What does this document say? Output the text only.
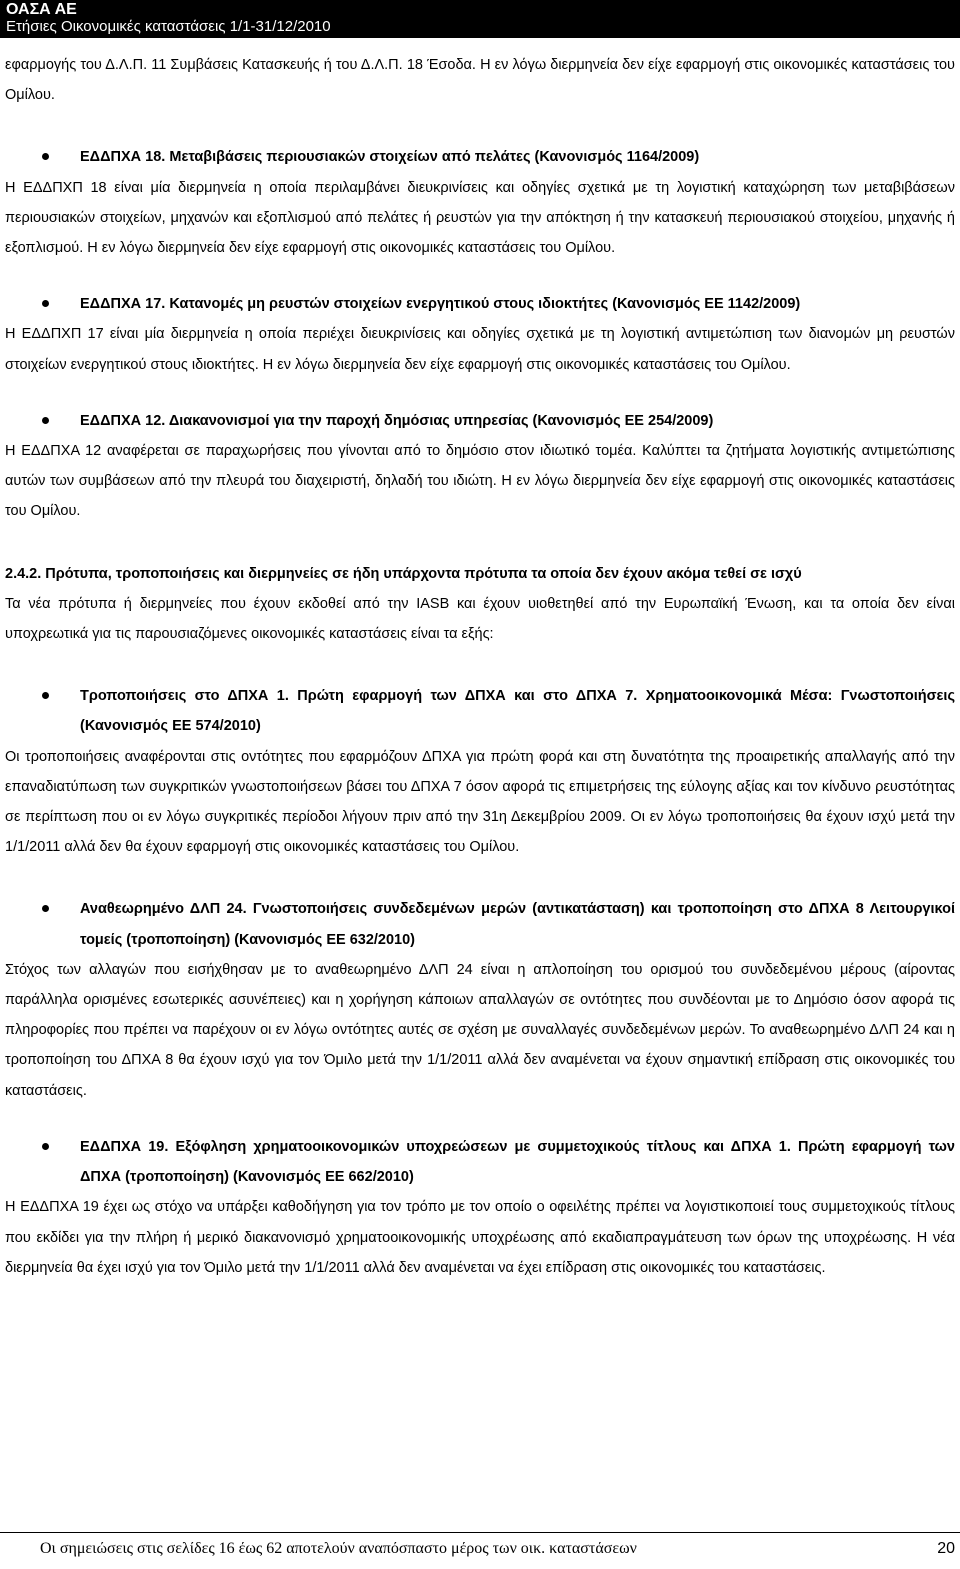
ΟΑΣΑ ΑΕ
Ετήσιες Οικονομικές καταστάσεις 1/1-31/12/2010

εφαρμογής του Δ.Λ.Π. 11 Συμβάσεις Κατασκευής ή του Δ.Λ.Π. 18 Έσοδα. Η εν λόγω διερμηνεία δεν είχε εφαρμογή στις οικονομικές καταστάσεις του Ομίλου.

ΕΔΔΠΧΑ 18. Μεταβιβάσεις περιουσιακών στοιχείων από πελάτες (Κανονισμός 1164/2009)

Η ΕΔΔΠΧΠ 18 είναι μία διερμηνεία η οποία περιλαμβάνει διευκρινίσεις και οδηγίες σχετικά με τη λογιστική καταχώρηση των μεταβιβάσεων περιουσιακών στοιχείων, μηχανών και εξοπλισμού από πελάτες ή ρευστών για την απόκτηση ή την κατασκευή περιουσιακού στοιχείου, μηχανής ή εξοπλισμού. Η εν λόγω διερμηνεία δεν είχε εφαρμογή στις οικονομικές καταστάσεις του Ομίλου.

ΕΔΔΠΧΑ 17. Κατανομές μη ρευστών στοιχείων ενεργητικού στους ιδιοκτήτες (Κανονισμός ΕΕ 1142/2009)

Η ΕΔΔΠΧΠ 17 είναι μία διερμηνεία η οποία περιέχει διευκρινίσεις και οδηγίες σχετικά με τη λογιστική αντιμετώπιση των διανομών μη ρευστών στοιχείων ενεργητικού στους ιδιοκτήτες. Η εν λόγω διερμηνεία δεν είχε εφαρμογή στις οικονομικές καταστάσεις του Ομίλου.

ΕΔΔΠΧΑ 12. Διακανονισμοί για την παροχή δημόσιας υπηρεσίας (Κανονισμός ΕΕ 254/2009)

Η ΕΔΔΠΧΑ 12 αναφέρεται σε παραχωρήσεις που γίνονται από το δημόσιο στον ιδιωτικό τομέα. Καλύπτει τα ζητήματα λογιστικής αντιμετώπισης αυτών των συμβάσεων από την πλευρά του διαχειριστή, δηλαδή του ιδιώτη. Η εν λόγω διερμηνεία δεν είχε εφαρμογή στις οικονομικές καταστάσεις του Ομίλου.

2.4.2. Πρότυπα, τροποποιήσεις και διερμηνείες σε ήδη υπάρχοντα πρότυπα τα οποία δεν έχουν ακόμα τεθεί σε ισχύ

Τα νέα πρότυπα ή διερμηνείες που έχουν εκδοθεί από την IASB και έχουν υιοθετηθεί από την Ευρωπαϊκή Ένωση, και τα οποία δεν είναι υποχρεωτικά για τις παρουσιαζόμενες οικονομικές καταστάσεις είναι τα εξής:

Τροποποιήσεις στο ΔΠΧΑ 1. Πρώτη εφαρμογή των ΔΠΧΑ και στο ΔΠΧΑ 7. Χρηματοοικονομικά Μέσα: Γνωστοποιήσεις (Κανονισμός ΕΕ 574/2010)

Οι τροποποιήσεις αναφέρονται στις οντότητες που εφαρμόζουν ΔΠΧΑ για πρώτη φορά και στη δυνατότητα της προαιρετικής απαλλαγής από την επαναδιατύπωση των συγκριτικών γνωστοποιήσεων βάσει του ΔΠΧΑ 7 όσον αφορά τις επιμετρήσεις της εύλογης αξίας και τον κίνδυνο ρευστότητας σε περίπτωση που οι εν λόγω συγκριτικές περίοδοι λήγουν πριν από την 31η Δεκεμβρίου 2009. Οι εν λόγω τροποποιήσεις θα έχουν ισχύ μετά την 1/1/2011 αλλά δεν θα έχουν εφαρμογή στις οικονομικές καταστάσεις του Ομίλου.

Αναθεωρημένο ΔΛΠ 24. Γνωστοποιήσεις συνδεδεμένων μερών (αντικατάσταση) και τροποποίηση στο ΔΠΧΑ 8 Λειτουργικοί τομείς (τροποποίηση) (Κανονισμός ΕΕ 632/2010)

Στόχος των αλλαγών που εισήχθησαν με το αναθεωρημένο ΔΛΠ 24 είναι η απλοποίηση του ορισμού του συνδεδεμένου μέρους (αίροντας παράλληλα ορισμένες εσωτερικές ασυνέπειες) και η χορήγηση κάποιων απαλλαγών σε οντότητες που συνδέονται με το Δημόσιο όσον αφορά τις πληροφορίες που πρέπει να παρέχουν οι εν λόγω οντότητες αυτές σε σχέση με συναλλαγές συνδεδεμένων μερών. Το αναθεωρημένο ΔΛΠ 24 και η τροποποίηση του ΔΠΧΑ 8 θα έχουν ισχύ για τον Όμιλο μετά την 1/1/2011 αλλά δεν αναμένεται να έχουν σημαντική επίδραση στις οικονομικές του καταστάσεις.

ΕΔΔΠΧΑ 19. Εξόφληση χρηματοοικονομικών υποχρεώσεων με συμμετοχικούς τίτλους και ΔΠΧΑ 1. Πρώτη εφαρμογή των ΔΠΧΑ (τροποποίηση) (Κανονισμός ΕΕ 662/2010)

Η ΕΔΔΠΧΑ 19 έχει ως στόχο να υπάρξει καθοδήγηση για τον τρόπο με τον οποίο ο οφειλέτης πρέπει να λογιστικοποιεί τους συμμετοχικούς τίτλους που εκδίδει για την πλήρη ή μερικό διακανονισμό χρηματοοικονομικής υποχρέωσης από εκαδιαπραγμάτευση των όρων της υποχρέωσης. Η νέα διερμηνεία θα έχει ισχύ για τον Όμιλο μετά την 1/1/2011 αλλά δεν αναμένεται να έχει επίδραση στις οικονομικές του καταστάσεις.

Οι σημειώσεις στις σελίδες 16 έως 62 αποτελούν αναπόσπαστο μέρος των οικ. καταστάσεων	20
